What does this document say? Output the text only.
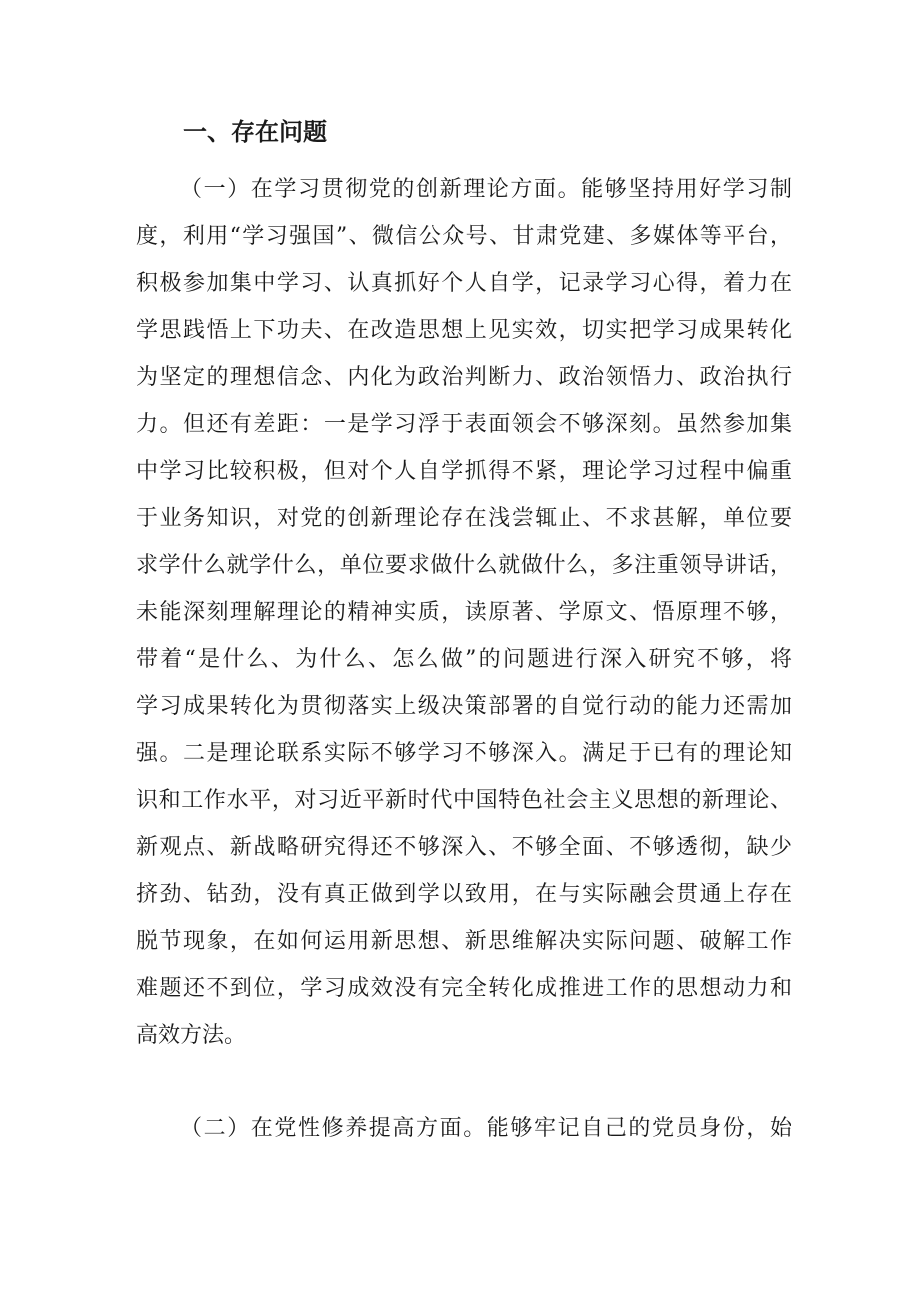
一、存在问题
（一）在学习贯彻党的创新理论方面。能够坚持用好学习制
度，利用“学习强国”、微信公众号、甘肃党建、多媒体等平台，
积极参加集中学习、认真抓好个人自学，记录学习心得，着力在
学思践悟上下功夫、在改造思想上见实效，切实把学习成果转化
为坚定的理想信念、内化为政治判断力、政治领悟力、政治执行
力。但还有差距：一是学习浮于表面领会不够深刻。虽然参加集
中学习比较积极，但对个人自学抓得不紧，理论学习过程中偏重
于业务知识，对党的创新理论存在浅尝辄止、不求甚解，单位要
求学什么就学什么，单位要求做什么就做什么，多注重领导讲话，
未能深刻理解理论的精神实质，读原著、学原文、悟原理不够，
带着“是什么、为什么、怎么做”的问题进行深入研究不够，将
学习成果转化为贯彻落实上级决策部署的自觉行动的能力还需加
强。二是理论联系实际不够学习不够深入。满足于已有的理论知
识和工作水平，对习近平新时代中国特色社会主义思想的新理论、
新观点、新战略研究得还不够深入、不够全面、不够透彻，缺少
挤劲、钻劲，没有真正做到学以致用，在与实际融会贯通上存在
脱节现象，在如何运用新思想、新思维解决实际问题、破解工作
难题还不到位，学习成效没有完全转化成推进工作的思想动力和
高效方法。
（二）在党性修养提高方面。能够牢记自己的党员身份，始
